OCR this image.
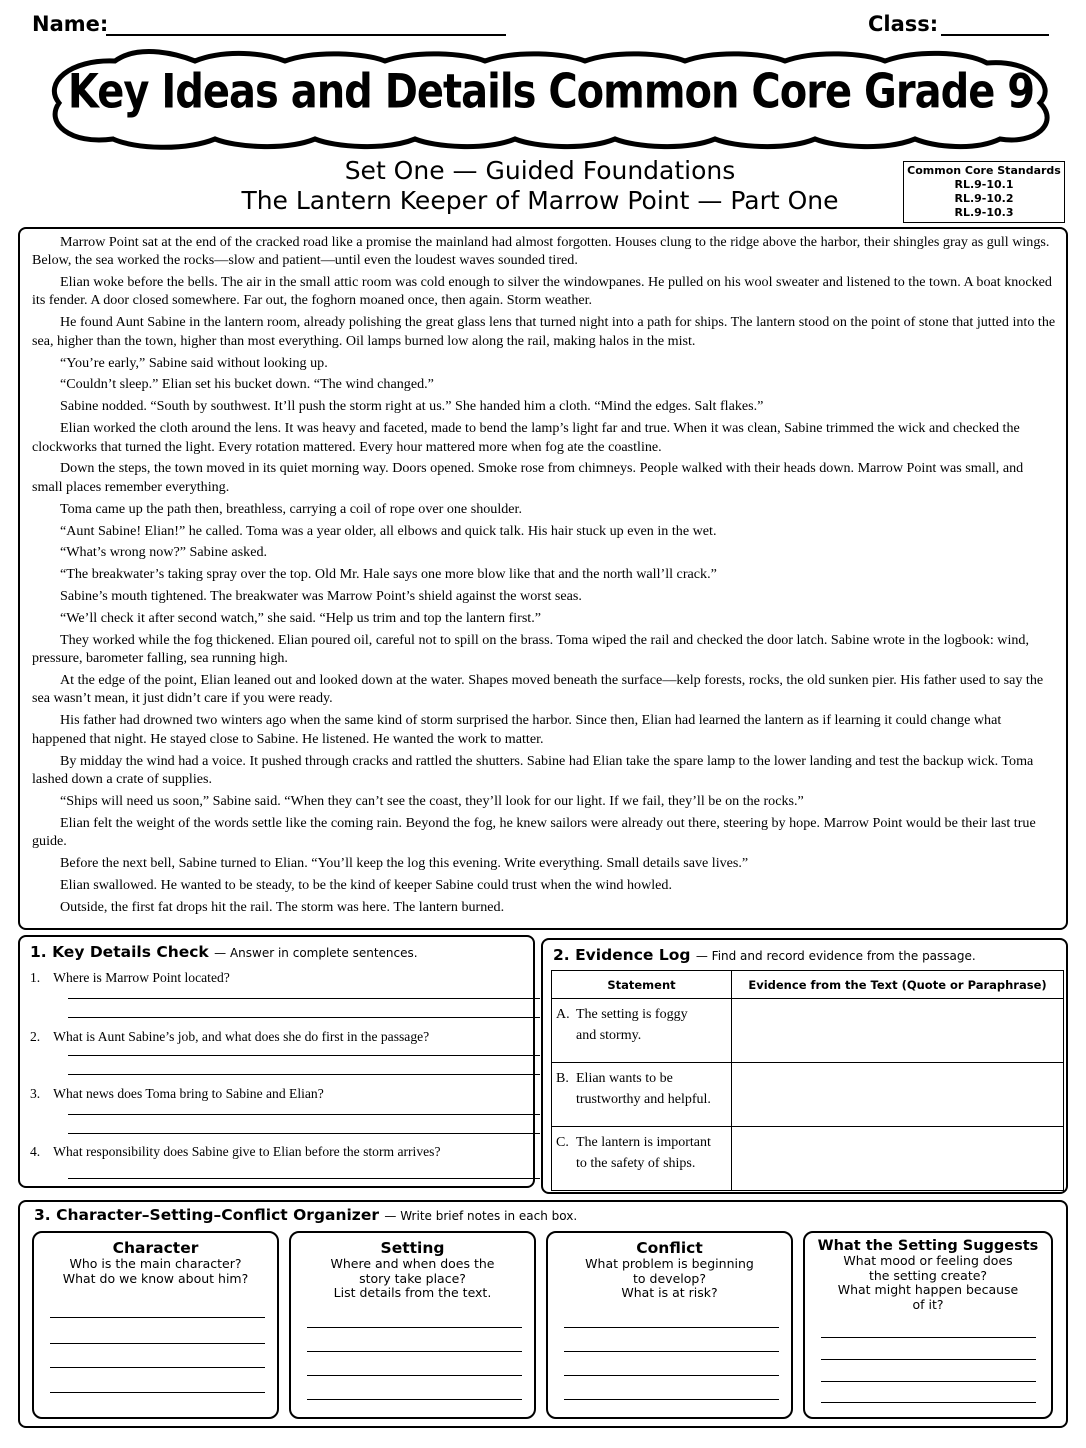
Name:	Class:
Key Ideas and Details Common Core Grade 9
Set One — Guided Foundations
The Lantern Keeper of Marrow Point — Part One
Common Core Standards
RL.9-10.1
RL.9-10.2
RL.9-10.3

Marrow Point sat at the end of the cracked road like a promise the mainland had almost forgotten. Houses clung to the ridge above the harbor, their shingles gray as gull wings. Below, the sea worked the rocks—slow and patient—until even the loudest waves sounded tired.

Elian woke before the bells. The air in the small attic room was cold enough to silver the windowpanes. He pulled on his wool sweater and listened to the town. A boat knocked its fender. A door closed somewhere. Far out, the foghorn moaned once, then again. Storm weather.

He found Aunt Sabine in the lantern room, already polishing the great glass lens that turned night into a path for ships. The lantern stood on the point of stone that jutted into the sea, higher than the town, higher than most everything. Oil lamps burned low along the rail, making halos in the mist.

“You’re early,” Sabine said without looking up.

“Couldn’t sleep.” Elian set his bucket down. “The wind changed.”

Sabine nodded. “South by southwest. It’ll push the storm right at us.” She handed him a cloth. “Mind the edges. Salt flakes.”

Elian worked the cloth around the lens. It was heavy and faceted, made to bend the lamp’s light far and true. When it was clean, Sabine trimmed the wick and checked the clockworks that turned the light. Every rotation mattered. Every hour mattered more when fog ate the coastline.

Down the steps, the town moved in its quiet morning way. Doors opened. Smoke rose from chimneys. People walked with their heads down. Marrow Point was small, and small places remember everything.

Toma came up the path then, breathless, carrying a coil of rope over one shoulder.

“Aunt Sabine! Elian!” he called. Toma was a year older, all elbows and quick talk. His hair stuck up even in the wet.

“What’s wrong now?” Sabine asked.

“The breakwater’s taking spray over the top. Old Mr. Hale says one more blow like that and the north wall’ll crack.”

Sabine’s mouth tightened. The breakwater was Marrow Point’s shield against the worst seas.

“We’ll check it after second watch,” she said. “Help us trim and top the lantern first.”

They worked while the fog thickened. Elian poured oil, careful not to spill on the brass. Toma wiped the rail and checked the door latch. Sabine wrote in the logbook: wind, pressure, barometer falling, sea running high.

At the edge of the point, Elian leaned out and looked down at the water. Shapes moved beneath the surface—kelp forests, rocks, the old sunken pier. His father used to say the sea wasn’t mean, it just didn’t care if you were ready.

His father had drowned two winters ago when the same kind of storm surprised the harbor. Since then, Elian had learned the lantern as if learning it could change what happened that night. He stayed close to Sabine. He listened. He wanted the work to matter.

By midday the wind had a voice. It pushed through cracks and rattled the shutters. Sabine had Elian take the spare lamp to the lower landing and test the backup wick. Toma lashed down a crate of supplies.

“Ships will need us soon,” Sabine said. “When they can’t see the coast, they’ll look for our light. If we fail, they’ll be on the rocks.”

Elian felt the weight of the words settle like the coming rain. Beyond the fog, he knew sailors were already out there, steering by hope. Marrow Point would be their last true guide.

Before the next bell, Sabine turned to Elian. “You’ll keep the log this evening. Write everything. Small details save lives.”

Elian swallowed. He wanted to be steady, to be the kind of keeper Sabine could trust when the wind howled.

Outside, the first fat drops hit the rail. The storm was here. The lantern burned.

1. Key Details Check — Answer in complete sentences.
1. Where is Marrow Point located?
2. What is Aunt Sabine’s job, and what does she do first in the passage?
3. What news does Toma bring to Sabine and Elian?
4. What responsibility does Sabine give to Elian before the storm arrives?
2. Evidence Log — Find and record evidence from the passage.
Statement	Evidence from the Text (Quote or Paraphrase)

A. The setting is foggy
and stormy.	

B. Elian wants to be
trustworthy and helpful.	

C. The lantern is important
to the safety of ships.	

3. Character–Setting–Conflict Organizer — Write brief notes in each box.
Character
Who is the main character?
What do we know about him?
Setting
Where and when does the
story take place?
List details from the text.
Conflict
What problem is beginning
to develop?
What is at risk?
What the Setting Suggests
What mood or feeling does
the setting create?
What might happen because
of it?
